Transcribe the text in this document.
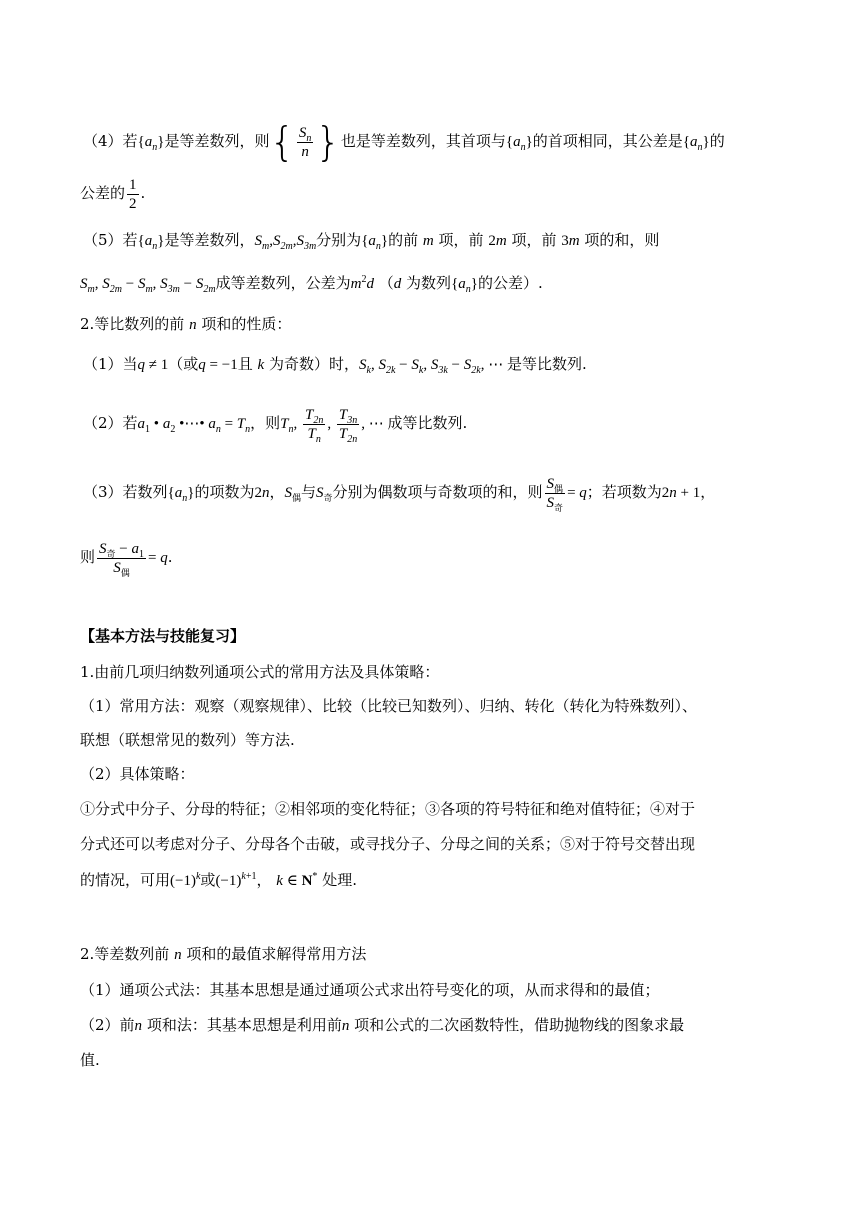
（4）若$\{a_n\}$是等差数列，则{ $\frac{S_n}{n}$ }也是等差数列，其首项与$\{a_n\}$的首项相同，其公差是$\{a_n\}$的
公差的 $\frac{1}{2}$ .
（5）若$\{a_n\}$是等差数列，$S_m,S_{2m},S_{3m}$分别为$\{a_n\}$的前 m 项，前 2m 项，前 3m 项的和，则
$S_m$, $S_{2m} - S_m$, $S_{3m} - S_{2m}$成等差数列，公差为$m^2d$ （d 为数列$\{a_n\}$的公差）.
2.等比数列的前 n 项和的性质：
（1）当q ≠ 1（或q = −1且 k 为奇数）时，$S_k$, $S_{2k} - S_k$, $S_{3k} - S_{2k}$, ⋯ 是等比数列.
（2）若$a_1$ • $a_2$ •⋯• $a_n = T_n$，则$T_n$, $\frac{T_{2n}}{T_n}$ , $\frac{T_{3n}}{T_{2n}}$ , ⋯ 成等比数列.
（3）若数列$\{a_n\}$的项数为2n，$S_偶$与$S_奇$分别为偶数项与奇数项的和，则 $\frac{S_偶}{S_奇} = q$；若项数为2n + 1，
则 $\frac{S_奇 - a_1}{S_偶} = q$.
【基本方法与技能复习】
1.由前几项归纳数列通项公式的常用方法及具体策略：
（1）常用方法：观察（观察规律）、比较（比较已知数列）、归纳、转化（转化为特殊数列）、
联想（联想常见的数列）等方法.
（2）具体策略：
①分式中分子、分母的特征；②相邻项的变化特征；③各项的符号特征和绝对值特征；④对于
分式还可以考虑对分子、分母各个击破，或寻找分子、分母之间的关系；⑤对于符号交替出现
的情况，可用$(-1)^k$或$(-1)^{k+1}$， k ∈ N* 处理.
2.等差数列前 n 项和的最值求解得常用方法
（1）通项公式法：其基本思想是通过通项公式求出符号变化的项，从而求得和的最值；
（2）前n 项和法：其基本思想是利用前n 项和公式的二次函数特性，借助抛物线的图象求最
值.
